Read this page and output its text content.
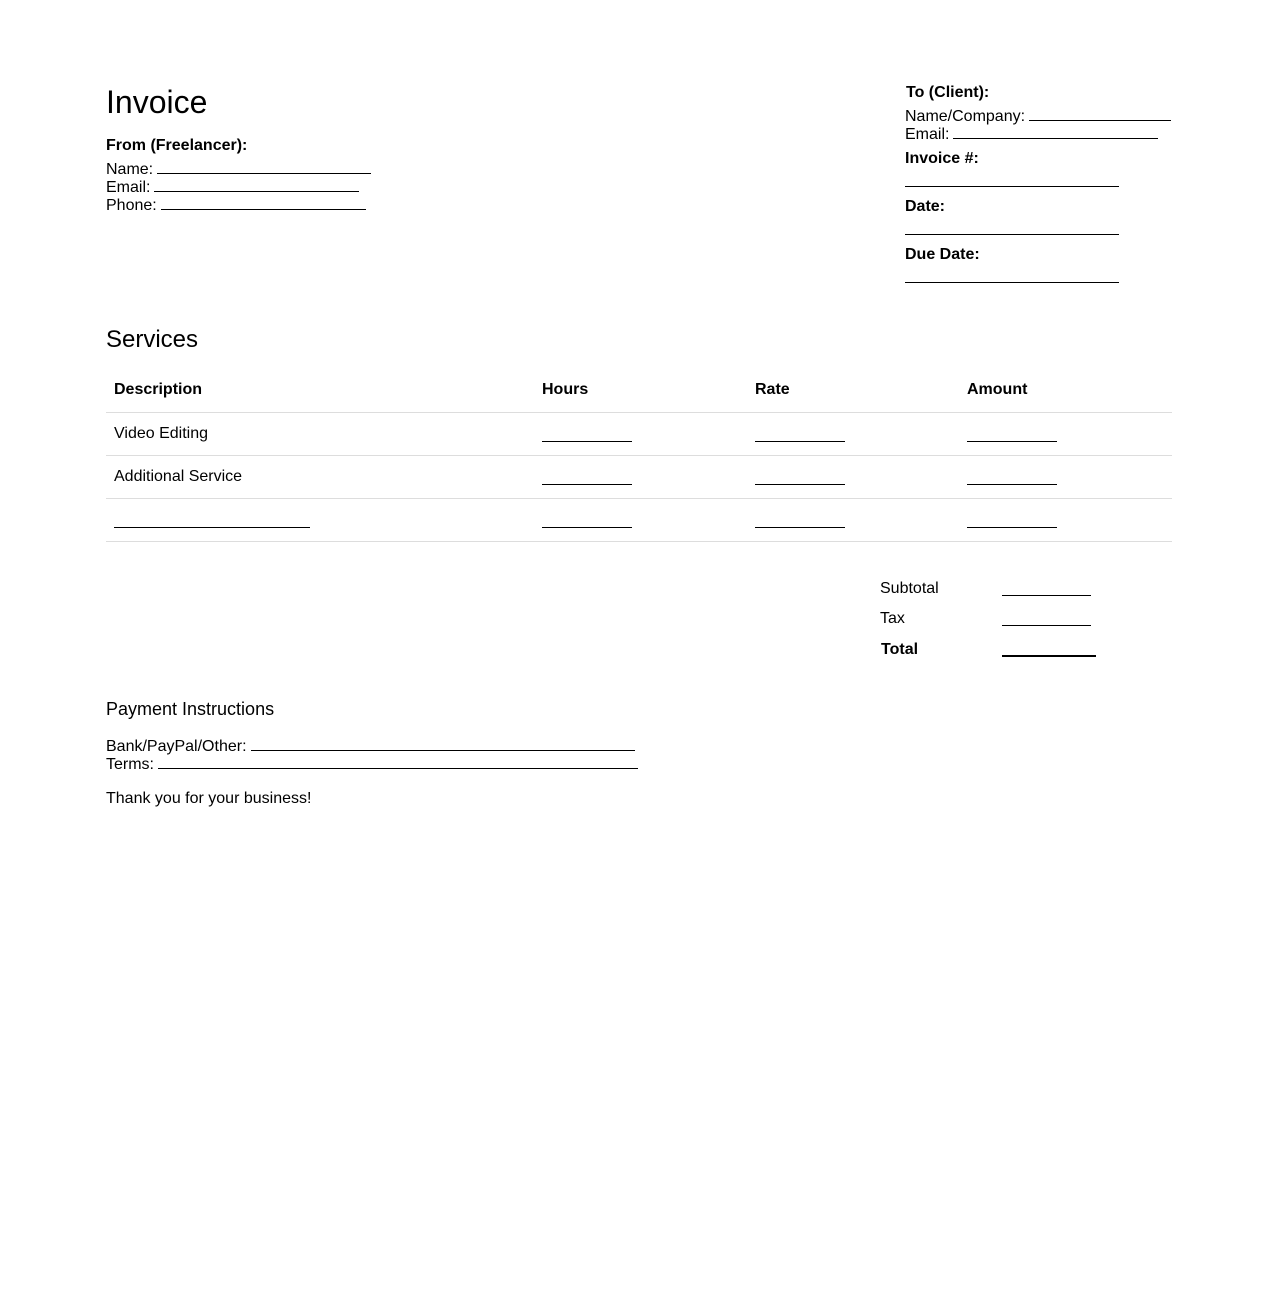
Invoice
From (Freelancer):
Name:
Email:
Phone:
To (Client):
Name/Company:
Email:
Invoice #:
Date:
Due Date:
Services
Description	Hours	Rate	Amount
Video Editing
Additional Service
Subtotal
Tax
Total
Payment Instructions
Bank/PayPal/Other:
Terms:
Thank you for your business!
